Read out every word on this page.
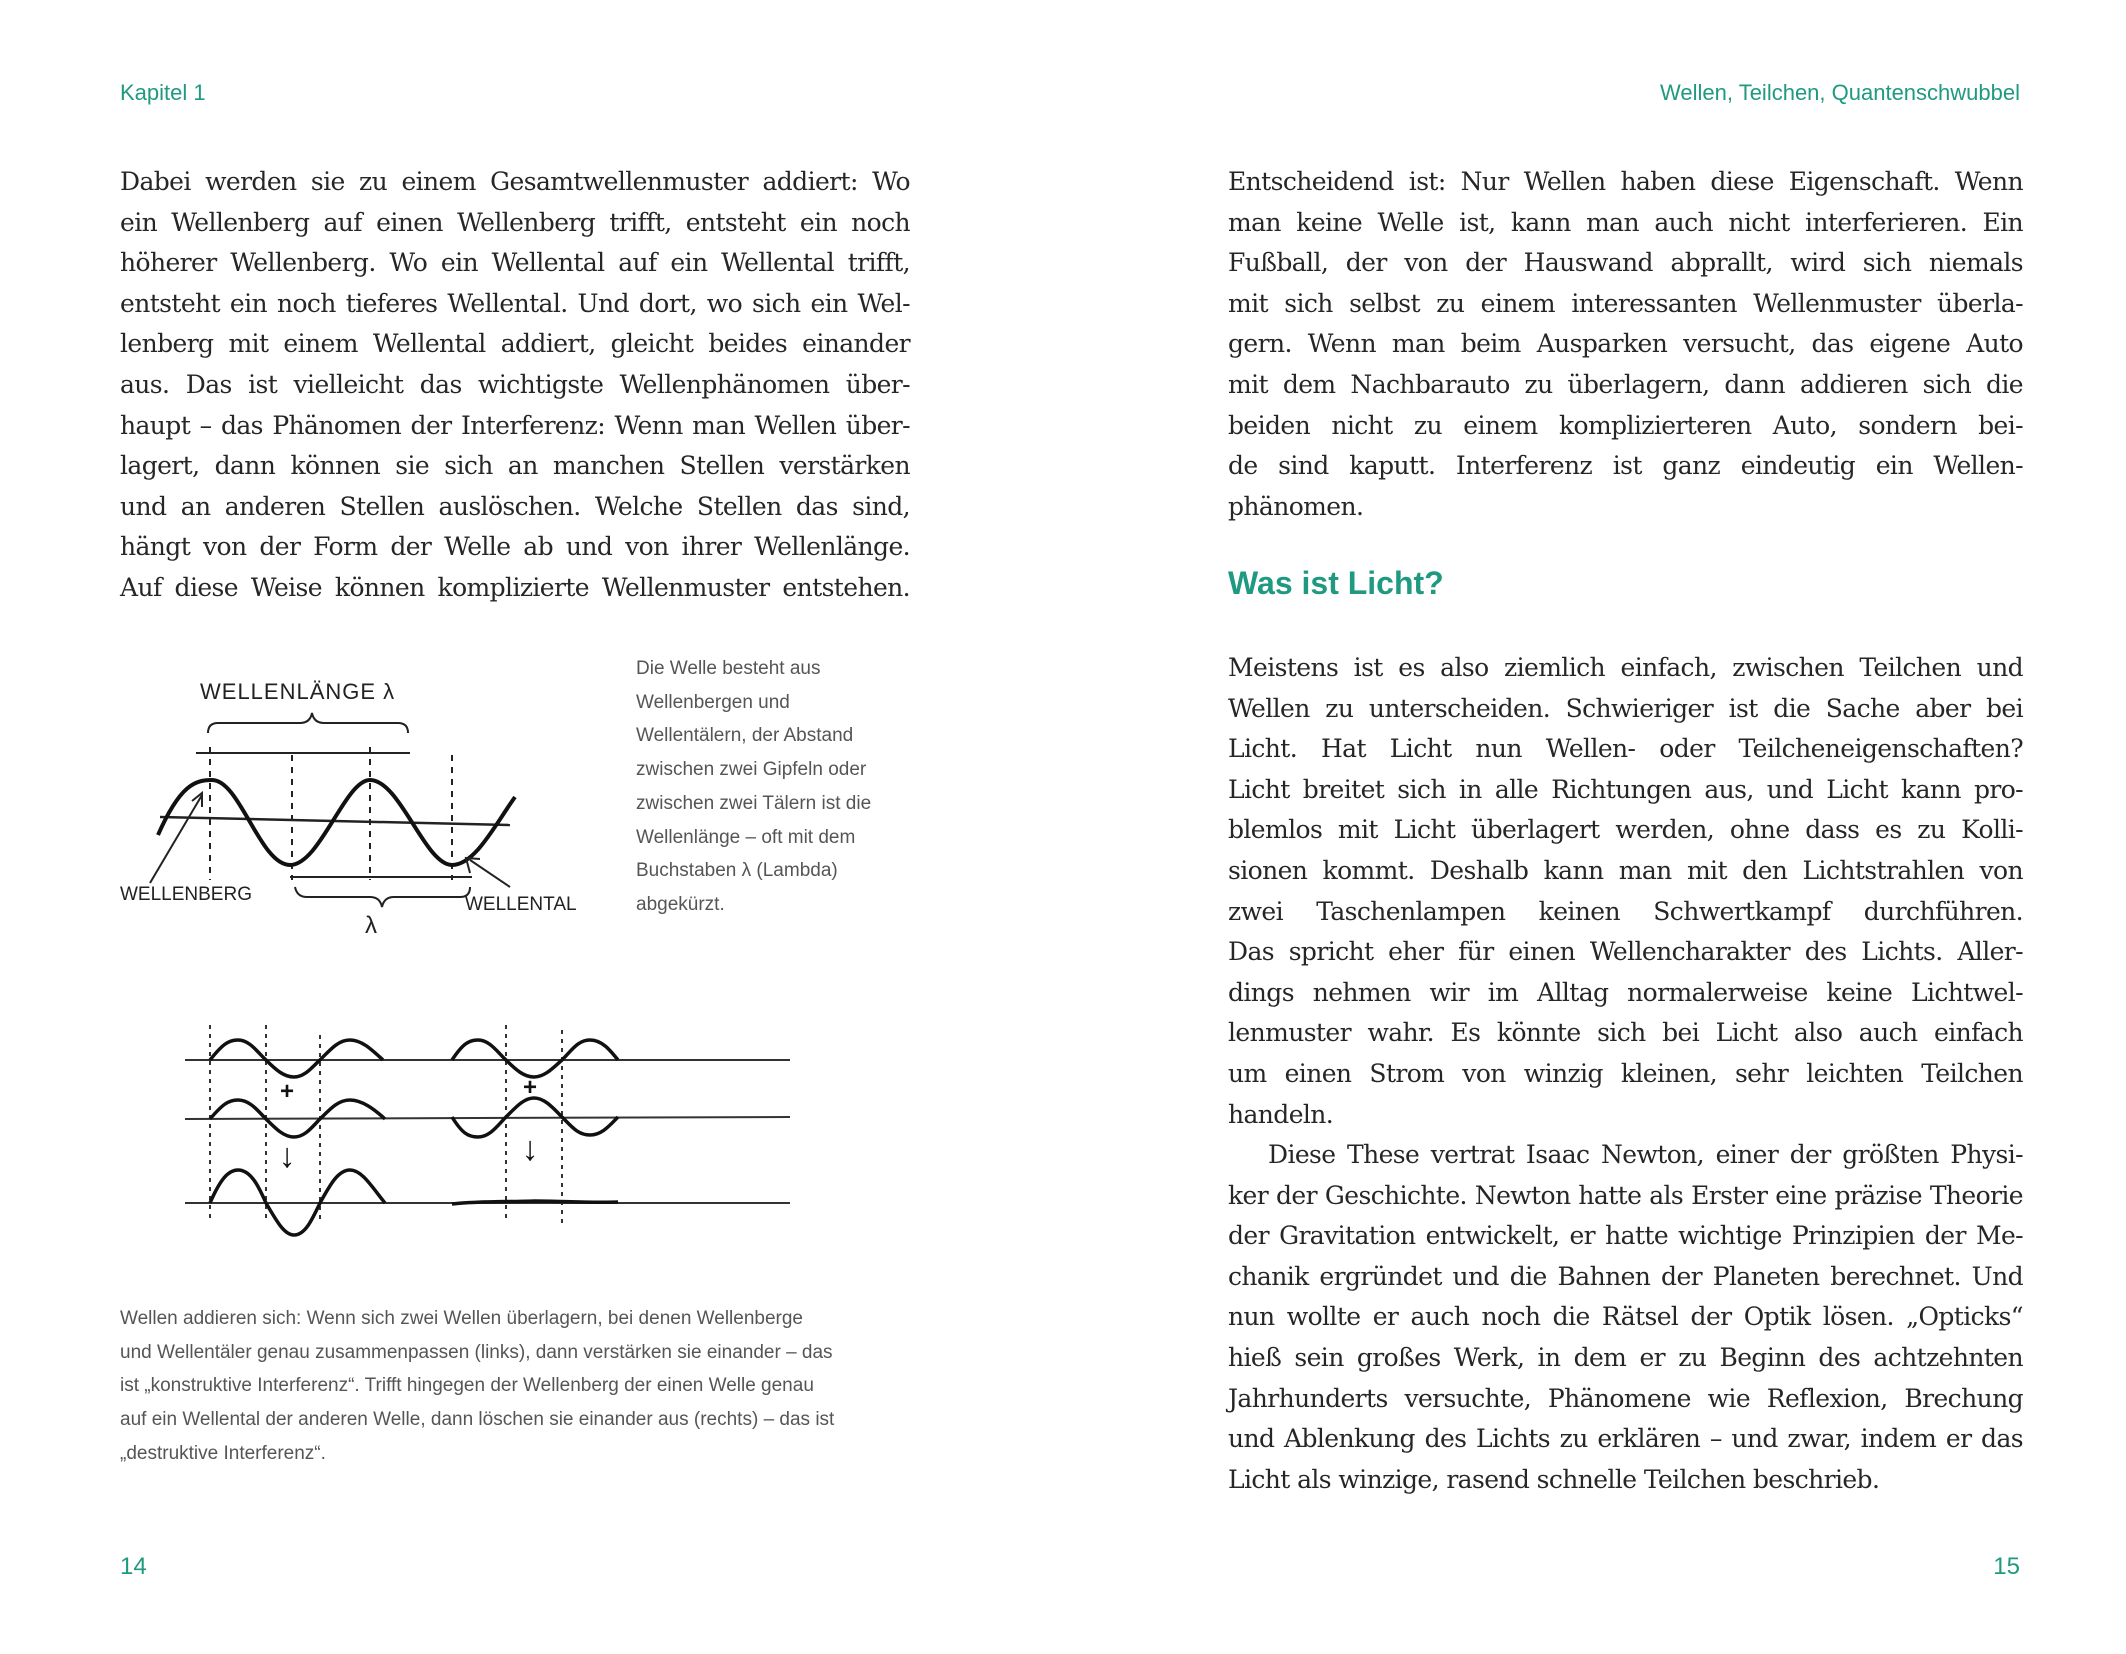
Kapitel 1
Dabei werden sie zu einem Gesamtwellenmuster addiert: Wo
ein Wellenberg auf einen Wellenberg trifft, entsteht ein noch
höherer Wellenberg. Wo ein Wellental auf ein Wellental trifft,
entsteht ein noch tieferes Wellental. Und dort, wo sich ein Wel-
lenberg mit einem Wellental addiert, gleicht beides einander
aus. Das ist vielleicht das wichtigste Wellenphänomen über-
haupt – das Phänomen der Interferenz: Wenn man Wellen über-
lagert, dann können sie sich an manchen Stellen verstärken
und an anderen Stellen auslöschen. Welche Stellen das sind,
hängt von der Form der Welle ab und von ihrer Wellenlänge.
Auf diese Weise können komplizierte Wellenmuster entstehen.
WELLENLÄNGE λ
λ
WELLENBERG	WELLENTAL
Die Welle besteht aus
Wellenbergen und
Wellentälern, der Abstand
zwischen zwei Gipfeln oder
zwischen zwei Tälern ist die
Wellenlänge – oft mit dem
Buchstaben λ (Lambda)
abgekürzt.
+	+
↓	↓
Wellen addieren sich: Wenn sich zwei Wellen überlagern, bei denen Wellenberge
und Wellentäler genau zusammenpassen (links), dann verstärken sie einander – das
ist „konstruktive Interferenz“. Trifft hingegen der Wellenberg der einen Welle genau
auf ein Wellental der anderen Welle, dann löschen sie einander aus (rechts) – das ist
„destruktive Interferenz“.
14
Wellen, Teilchen, Quantenschwubbel
Entscheidend ist: Nur Wellen haben diese Eigenschaft. Wenn
man keine Welle ist, kann man auch nicht interferieren. Ein
Fußball, der von der Hauswand abprallt, wird sich niemals
mit sich selbst zu einem interessanten Wellenmuster überla-
gern. Wenn man beim Ausparken versucht, das eigene Auto
mit dem Nachbarauto zu überlagern, dann addieren sich die
beiden nicht zu einem komplizierteren Auto, sondern bei-
de sind kaputt. Interferenz ist ganz eindeutig ein Wellen-
phänomen.
Was ist Licht?
Meistens ist es also ziemlich einfach, zwischen Teilchen und
Wellen zu unterscheiden. Schwieriger ist die Sache aber bei
Licht. Hat Licht nun Wellen- oder Teilcheneigenschaften?
Licht breitet sich in alle Richtungen aus, und Licht kann pro-
blemlos mit Licht überlagert werden, ohne dass es zu Kolli-
sionen kommt. Deshalb kann man mit den Lichtstrahlen von
zwei Taschenlampen keinen Schwertkampf durchführen.
Das spricht eher für einen Wellencharakter des Lichts. Aller-
dings nehmen wir im Alltag normalerweise keine Lichtwel-
lenmuster wahr. Es könnte sich bei Licht also auch einfach
um einen Strom von winzig kleinen, sehr leichten Teilchen
handeln.
Diese These vertrat Isaac Newton, einer der größten Physi-
ker der Geschichte. Newton hatte als Erster eine präzise Theorie
der Gravitation entwickelt, er hatte wichtige Prinzipien der Me-
chanik ergründet und die Bahnen der Planeten berechnet. Und
nun wollte er auch noch die Rätsel der Optik lösen. „Opticks“
hieß sein großes Werk, in dem er zu Beginn des achtzehnten
Jahrhunderts versuchte, Phänomene wie Reflexion, Brechung
und Ablenkung des Lichts zu erklären – und zwar, indem er das
Licht als winzige, rasend schnelle Teilchen beschrieb.
15
